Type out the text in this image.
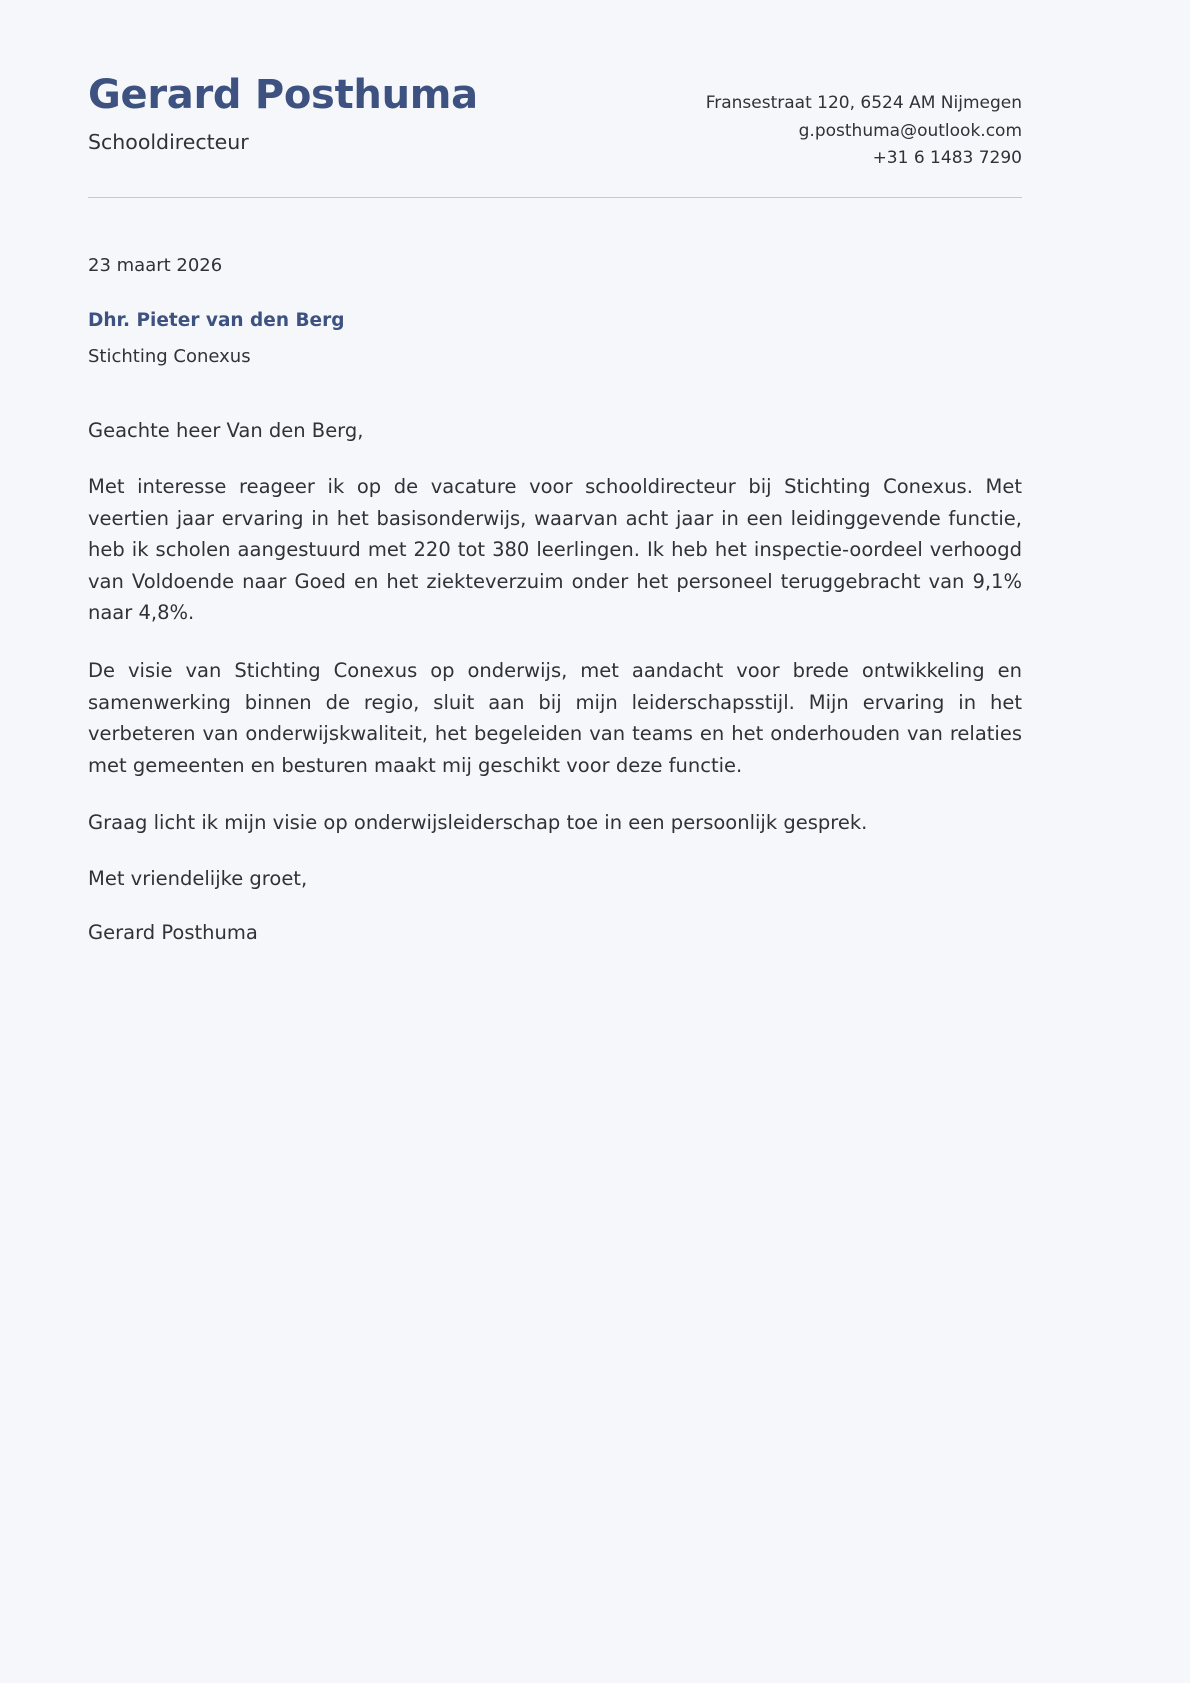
Gerard Posthuma
Schooldirecteur
Fransestraat 120, 6524 AM Nijmegen
g.posthuma@outlook.com
+31 6 1483 7290
23 maart 2026
Dhr. Pieter van den Berg
Stichting Conexus

Geachte heer Van den Berg,

Met interesse reageer ik op de vacature voor schooldirecteur bij Stichting Conexus. Met veertien jaar ervaring in het basisonderwijs, waarvan acht jaar in een leidinggevende functie, heb ik scholen aangestuurd met 220 tot 380 leerlingen. Ik heb het inspectie-oordeel verhoogd van Voldoende naar Goed en het ziekteverzuim onder het personeel teruggebracht van 9,1% naar 4,8%.

De visie van Stichting Conexus op onderwijs, met aandacht voor brede ontwikkeling en samenwerking binnen de regio, sluit aan bij mijn leiderschapsstijl. Mijn ervaring in het verbeteren van onderwijskwaliteit, het begeleiden van teams en het onderhouden van relaties met gemeenten en besturen maakt mij geschikt voor deze functie.

Graag licht ik mijn visie op onderwijsleiderschap toe in een persoonlijk gesprek.

Met vriendelijke groet,

Gerard Posthuma
